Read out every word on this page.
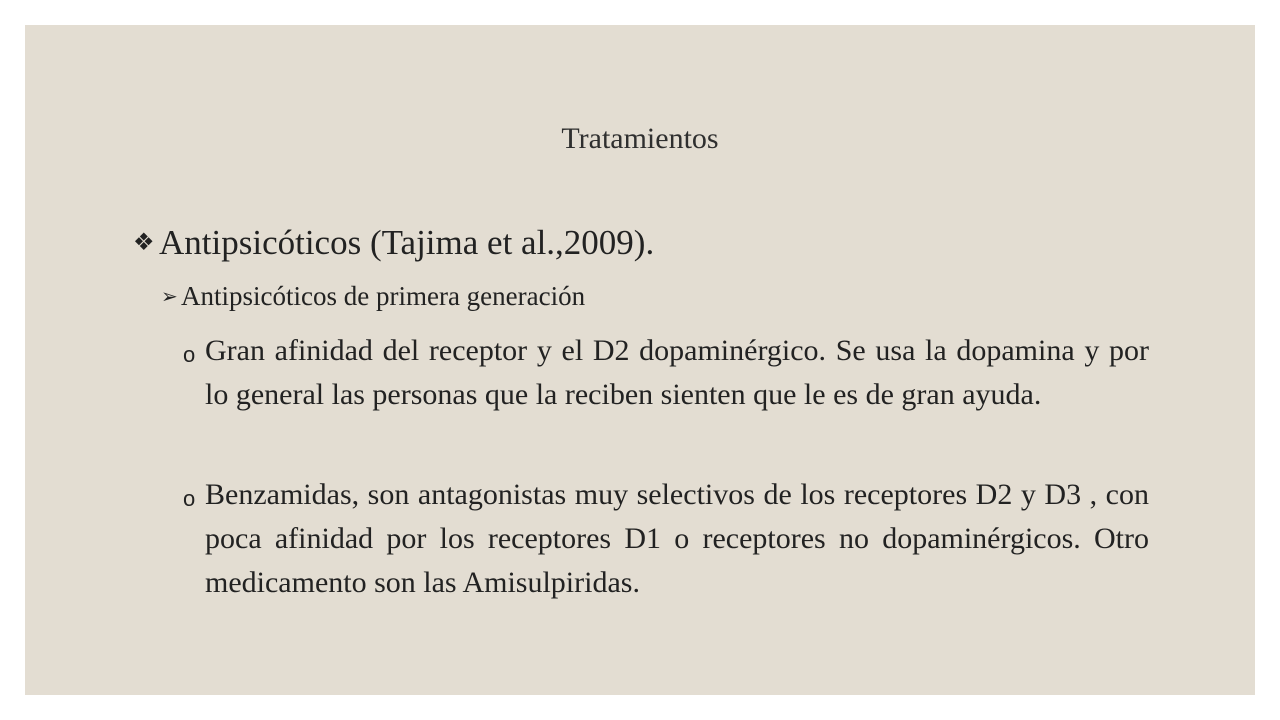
Tratamientos
❖ Antipsicóticos (Tajima et al.,2009).
➢ Antipsicóticos de primera generación
o Gran afinidad del receptor y el D2 dopaminérgico. Se usa la dopamina y por lo general las personas que la reciben sienten que le es de gran ayuda.
o Benzamidas, son antagonistas muy selectivos de los receptores D2 y D3 , con poca afinidad por los receptores D1 o receptores no dopaminérgicos. Otro medicamento son las Amisulpiridas.
